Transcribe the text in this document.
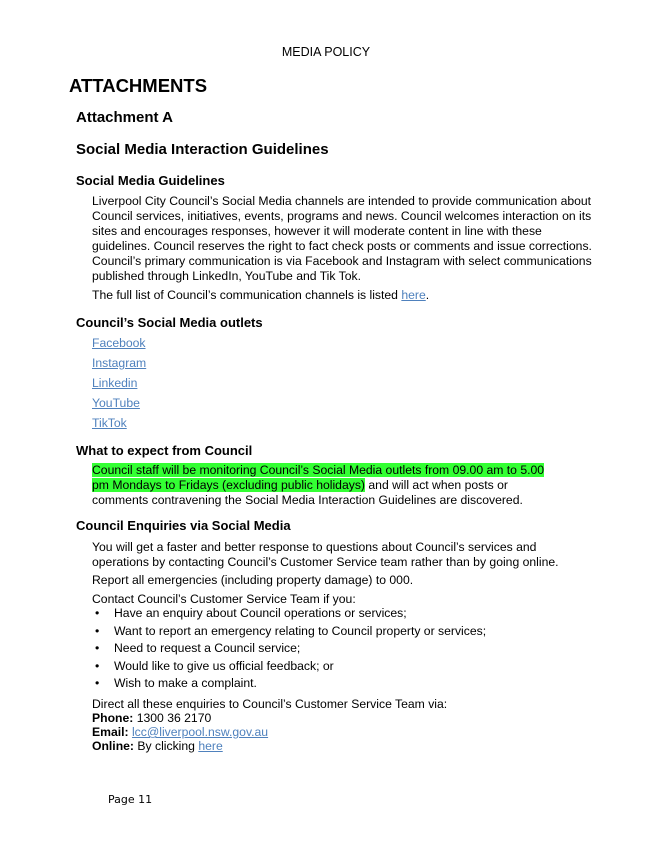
MEDIA POLICY
ATTACHMENTS
Attachment A
Social Media Interaction Guidelines
Social Media Guidelines

Liverpool City Council’s Social Media channels are intended to provide communication about Council services, initiatives, events, programs and news. Council welcomes interaction on its sites and encourages responses, however it will moderate content in line with these guidelines. Council reserves the right to fact check posts or comments and issue corrections.

Council’s primary communication is via Facebook and Instagram with select communications published through LinkedIn, YouTube and Tik Tok.

The full list of Council’s communication channels is listed here.

Council’s Social Media outlets
Facebook
Instagram
Linkedin
YouTube
TikTok
What to expect from Council

Council staff will be monitoring Council’s Social Media outlets from 09.00 am to 5.00 pm Mondays to Fridays (excluding public holidays) and will act when posts or comments contravening the Social Media Interaction Guidelines are discovered.

Council Enquiries via Social Media

You will get a faster and better response to questions about Council’s services and operations by contacting Council’s Customer Service team rather than by going online.

Report all emergencies (including property damage) to 000.

Contact Council’s Customer Service Team if you:

• Have an enquiry about Council operations or services;
• Want to report an emergency relating to Council property or services;
• Need to request a Council service;
• Would like to give us official feedback; or
• Wish to make a complaint.
Direct all these enquiries to Council’s Customer Service Team via:
Phone: 1300 36 2170
Email: lcc@liverpool.nsw.gov.au
Online: By clicking here
Page 11
